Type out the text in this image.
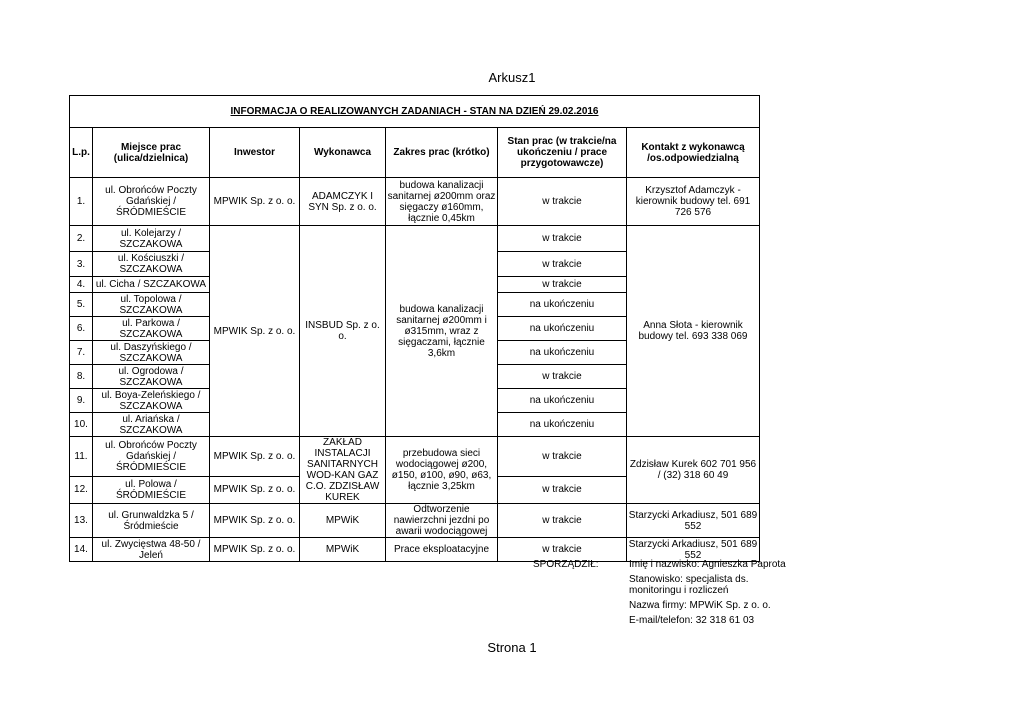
Arkusz1
INFORMACJA O REALIZOWANYCH ZADANIACH - STAN NA DZIEŃ 29.02.2016						
L.p.	Miejsce prac (ulica/dzielnica)	Inwestor	Wykonawca	Zakres prac (krótko)	Stan prac (w trakcie/na ukończeniu / prace przygotowawcze)	Kontakt z wykonawcą /os.odpowiedzialną
1.	ul. Obrońców Poczty Gdańskiej / ŚRÓDMIEŚCIE	MPWIK Sp. z o. o.	ADAMCZYK I SYN Sp. z o. o.	budowa kanalizacji sanitarnej ø200mm oraz sięgaczy ø160mm, łącznie 0,45km	w trakcie	Krzysztof Adamczyk - kierownik budowy tel. 691 726 576
2.	ul. Kolejarzy / SZCZAKOWA	MPWIK Sp. z o. o.	INSBUD Sp. z o. o.	budowa kanalizacji sanitarnej ø200mm i ø315mm, wraz z sięgaczami, łącznie 3,6km	w trakcie	Anna Słota - kierownik budowy tel. 693 338 069
3.	ul. Kościuszki / SZCZAKOWA				w trakcie	
4.	ul. Cicha / SZCZAKOWA				w trakcie	
5.	ul. Topolowa / SZCZAKOWA				na ukończeniu	
6.	ul. Parkowa / SZCZAKOWA				na ukończeniu	
7.	ul. Daszyńskiego / SZCZAKOWA				na ukończeniu	
8.	ul. Ogrodowa / SZCZAKOWA				w trakcie	
9.	ul. Boya-Zeleńskiego / SZCZAKOWA				na ukończeniu	
10.	ul. Ariańska / SZCZAKOWA				na ukończeniu	
11.	ul. Obrońców Poczty Gdańskiej / ŚRÓDMIEŚCIE	MPWIK Sp. z o. o.	ZAKŁAD INSTALACJI SANITARNYCH WOD-KAN GAZ C.O. ZDZISŁAW KUREK	przebudowa sieci wodociągowej ø200, ø150, ø100, ø90, ø63, łącznie 3,25km	w trakcie	Zdzisław Kurek 602 701 956 / (32) 318 60 49
12.	ul. Polowa / ŚRÓDMIEŚCIE	MPWIK Sp. z o. o.			w trakcie	
13.	ul. Grunwaldzka 5 / Śródmieście	MPWIK Sp. z o. o.	MPWiK	Odtworzenie nawierzchni jezdni po awarii wodociągowej	w trakcie	Starzycki Arkadiusz, 501 689 552
14.	ul. Zwycięstwa 48-50 / Jeleń	MPWIK Sp. z o. o.	MPWiK	Prace eksploatacyjne	w trakcie	Starzycki Arkadiusz, 501 689 552
SPORZĄDZIŁ:	Imię i nazwisko: Agnieszka Paprota
Stanowisko: specjalista ds. monitoringu i rozliczeń
Nazwa firmy: MPWiK Sp. z o. o.
E-mail/telefon: 32 318 61 03
Strona 1
